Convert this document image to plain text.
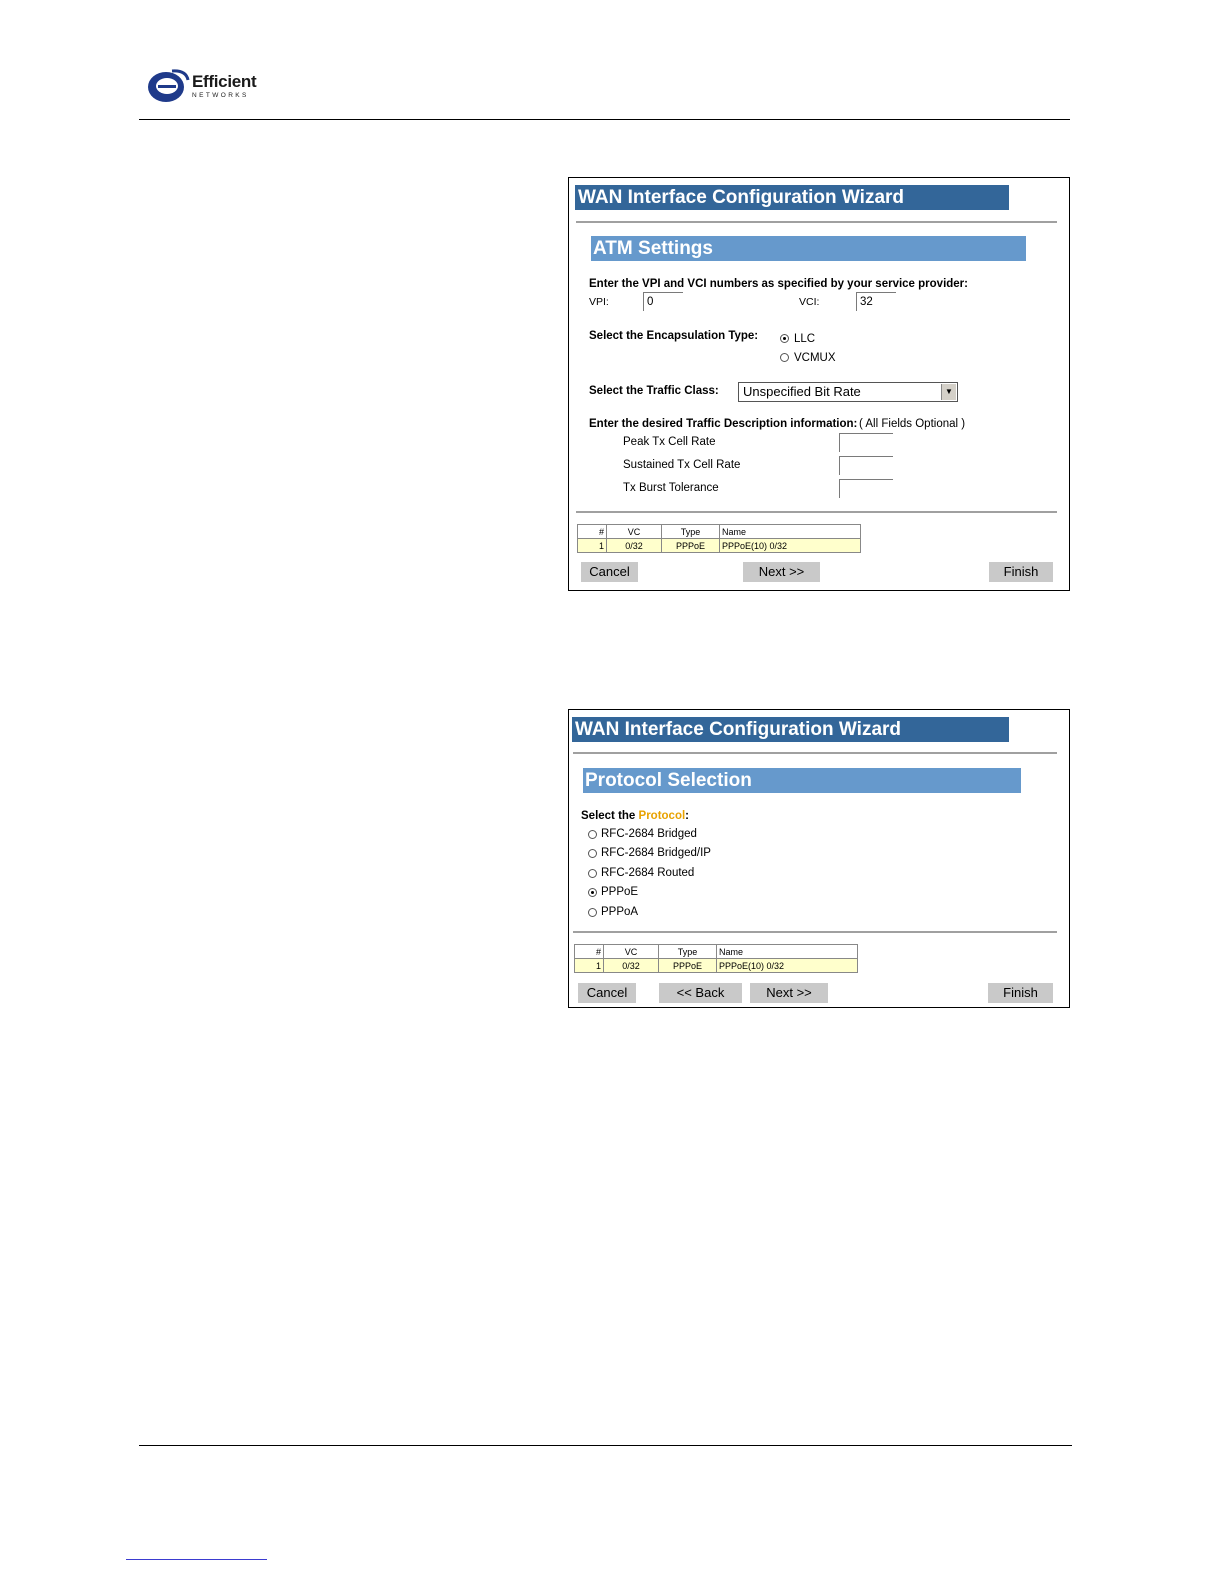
Efficient
NETWORKS
WAN Interface Configuration Wizard
ATM Settings
Enter the VPI and VCI numbers as specified by your service provider:
VPI:	0	VCI:	32
Select the Encapsulation Type:	LLC
VCMUX
Select the Traffic Class:	Unspecified Bit Rate	▼
Enter the desired Traffic Description information: ( All Fields Optional )
Peak Tx Cell Rate
Sustained Tx Cell Rate
Tx Burst Tolerance
#	VC	Type	Name
1	0/32	PPPoE	PPPoE(10) 0/32
Cancel	Next >>	Finish
WAN Interface Configuration Wizard
Protocol Selection
Select the Protocol:
RFC-2684 Bridged
RFC-2684 Bridged/IP
RFC-2684 Routed
PPPoE
PPPoA
#	VC	Type	Name
1	0/32	PPPoE	PPPoE(10) 0/32
Cancel	<< Back	Next >>	Finish
